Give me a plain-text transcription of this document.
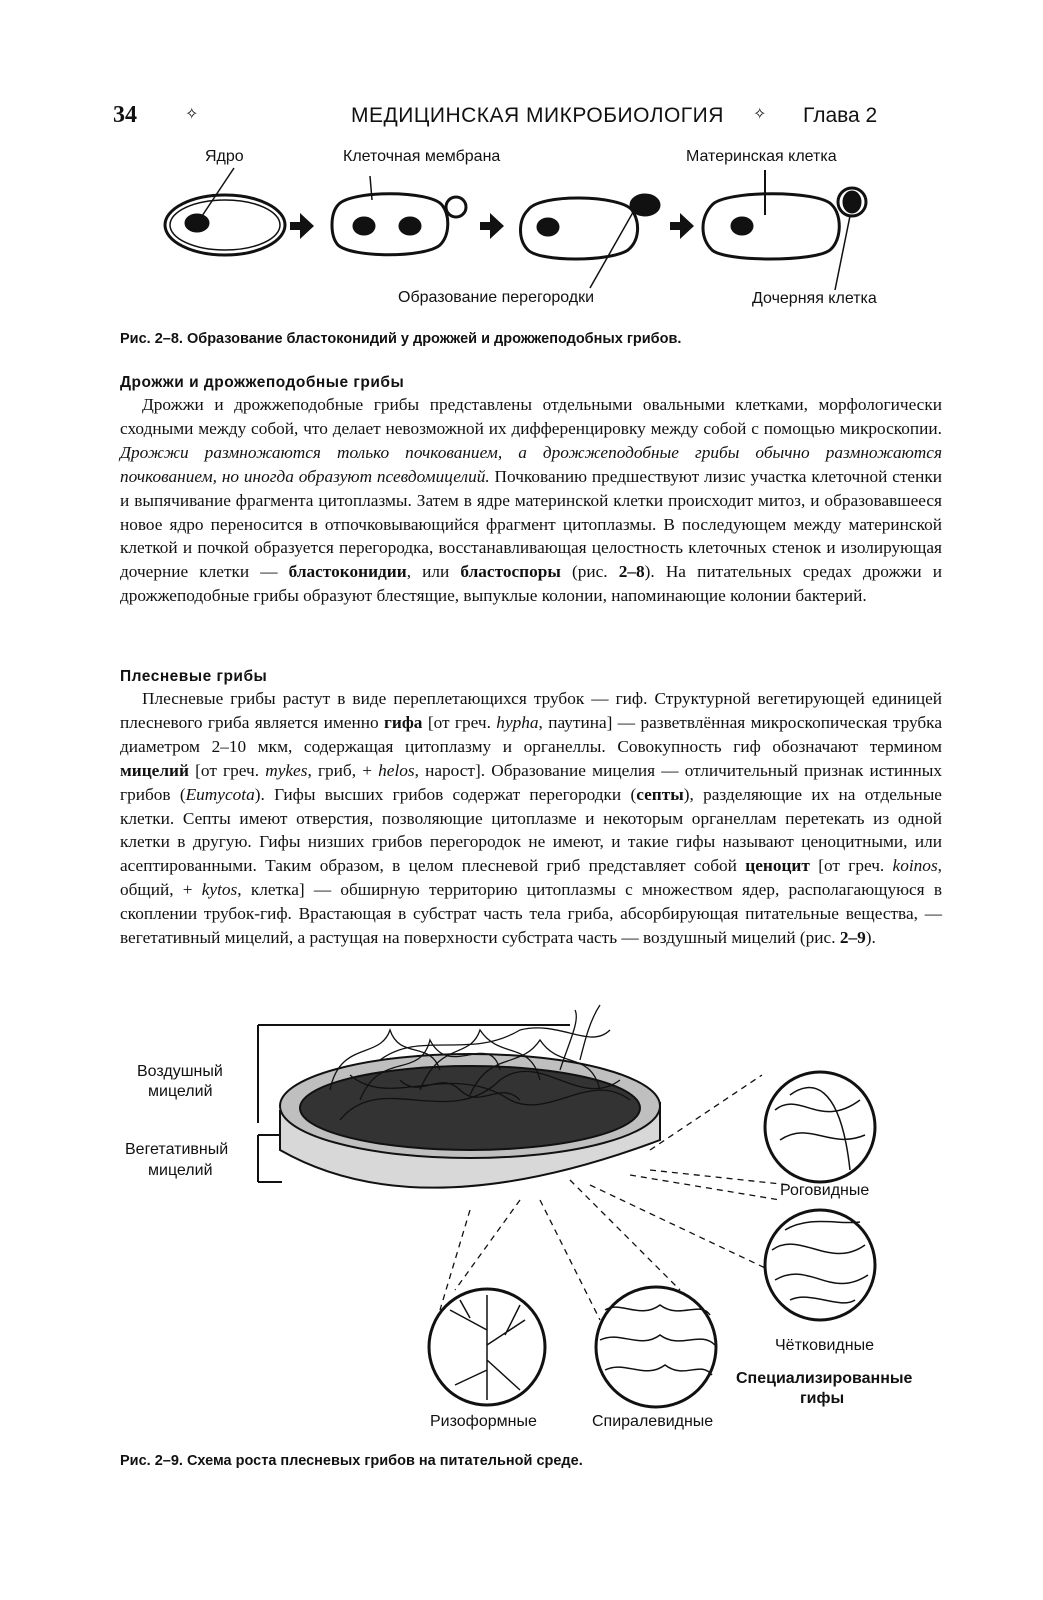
34	✧	МЕДИЦИНСКАЯ МИКРОБИОЛОГИЯ ✧ Глава 2
Ядро	Клеточная мембрана	Материнская клетка
Образование перегородки	Дочерняя клетка
Рис. 2–8. Образование бластоконидий у дрожжей и дрожжеподобных грибов.
Дрожжи и дрожжеподобные грибы

Дрожжи и дрожжеподобные грибы представлены отдельными овальными клетками, морфологически сходными между собой, что делает невозможной их дифференцировку между собой с помощью микроскопии. Дрожжи размножаются только почкованием, а дрожжеподобные грибы обычно размножаются почкованием, но иногда образуют псевдомицелий. Почкованию предшествуют лизис участка клеточной стенки и выпячивание фрагмента цитоплазмы. Затем в ядре материнской клетки происходит митоз, и образовавшееся новое ядро переносится в отпочковывающийся фрагмент цитоплазмы. В последующем между материнской клеткой и почкой образуется перегородка, восстанавливающая целостность клеточных стенок и изолирующая дочерние клетки — бластоконидии, или бластоспоры (рис. 2–8). На питательных средах дрожжи и дрожжеподобные грибы образуют блестящие, выпуклые колонии, напоминающие колонии бактерий.

Плесневые грибы

Плесневые грибы растут в виде переплетающихся трубок — гиф. Структурной вегетирующей единицей плесневого гриба является именно гифа [от греч. hypha, паутина] — разветвлённая микроскопическая трубка диаметром 2–10 мкм, содержащая цитоплазму и органеллы. Совокупность гиф обозначают термином мицелий [от греч. mykes, гриб, + helos, нарост]. Образование мицелия — отличительный признак истинных грибов (Eumycota). Гифы высших грибов содержат перегородки (септы), разделяющие их на отдельные клетки. Септы имеют отверстия, позволяющие цитоплазме и некоторым органеллам перетекать из одной клетки в другую. Гифы низших грибов перегородок не имеют, и такие гифы называют ценоцитными, или асептированными. Таким образом, в целом плесневой гриб представляет собой ценоцит [от греч. koinos, общий, + kytos, клетка] — обширную территорию цитоплазмы с множеством ядер, располагающуюся в скоплении трубок-гиф. Врастающая в субстрат часть тела гриба, абсорбирующая питательные вещества, — вегетативный мицелий, а растущая на поверхности субстрата часть — воздушный мицелий (рис. 2–9).

Воздушный
мицелий
Вегетативный
мицелий
Роговидные
Чётковидные
Специализированные
гифы
Ризоформные	Спиралевидные
Рис. 2–9. Схема роста плесневых грибов на питательной среде.
